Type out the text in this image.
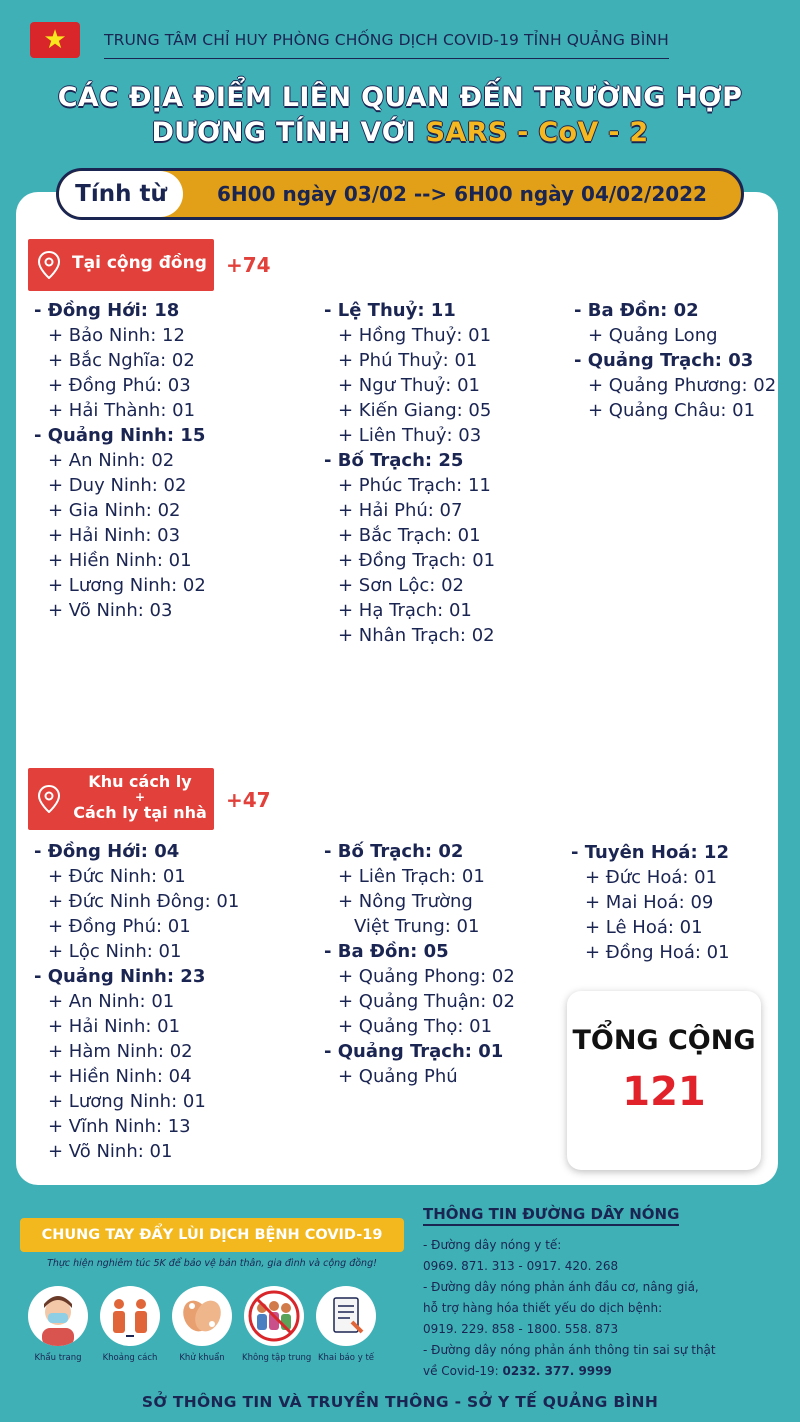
★ TRUNG TÂM CHỈ HUY PHÒNG CHỐNG DỊCH COVID-19 TỈNH QUẢNG BÌNH
CÁC ĐỊA ĐIỂM LIÊN QUAN ĐẾN TRƯỜNG HỢP
DƯƠNG TÍNH VỚI SARS - CoV - 2
Tính từ	6H00 ngày 03/02 --> 6H00 ngày 04/02/2022
Tại cộng đồng +74
- Đồng Hới: 18
+ Bảo Ninh: 12
+ Bắc Nghĩa: 02
+ Đồng Phú: 03
+ Hải Thành: 01
- Quảng Ninh: 15
+ An Ninh: 02
+ Duy Ninh: 02
+ Gia Ninh: 02
+ Hải Ninh: 03
+ Hiền Ninh: 01
+ Lương Ninh: 02
+ Võ Ninh: 03
- Lệ Thuỷ: 11
+ Hồng Thuỷ: 01
+ Phú Thuỷ: 01
+ Ngư Thuỷ: 01
+ Kiến Giang: 05
+ Liên Thuỷ: 03
- Bố Trạch: 25
+ Phúc Trạch: 11
+ Hải Phú: 07
+ Bắc Trạch: 01
+ Đồng Trạch: 01
+ Sơn Lộc: 02
+ Hạ Trạch: 01
+ Nhân Trạch: 02
- Ba Đồn: 02
+ Quảng Long
- Quảng Trạch: 03
+ Quảng Phương: 02
+ Quảng Châu: 01
Khu cách ly
+
Cách ly tại nhà
+47
- Đồng Hới: 04
+ Đức Ninh: 01
+ Đức Ninh Đông: 01
+ Đồng Phú: 01
+ Lộc Ninh: 01
- Quảng Ninh: 23
+ An Ninh: 01
+ Hải Ninh: 01
+ Hàm Ninh: 02
+ Hiền Ninh: 04
+ Lương Ninh: 01
+ Vĩnh Ninh: 13
+ Võ Ninh: 01
- Bố Trạch: 02
+ Liên Trạch: 01
+ Nông Trường
Việt Trung: 01
- Ba Đồn: 05
+ Quảng Phong: 02
+ Quảng Thuận: 02
+ Quảng Thọ: 01
- Quảng Trạch: 01
+ Quảng Phú
- Tuyên Hoá: 12
+ Đức Hoá: 01
+ Mai Hoá: 09
+ Lê Hoá: 01
+ Đồng Hoá: 01
TỔNG CỘNG
121
CHUNG TAY ĐẨY LÙI DỊCH BỆNH COVID-19
Thực hiện nghiêm túc 5K để bảo vệ bản thân, gia đình và cộng đồng!
Khẩu trang	Khoảng cách	Khử khuẩn	Không tập trung Khai báo y tế
THÔNG TIN ĐƯỜNG DÂY NÓNG
- Đường dây nóng y tế:
0969. 871. 313 - 0917. 420. 268
- Đường dây nóng phản ánh đầu cơ, nâng giá,
hỗ trợ hàng hóa thiết yếu do dịch bệnh:
0919. 229. 858 - 1800. 558. 873
- Đường dây nóng phản ánh thông tin sai sự thật
về Covid-19: 0232. 377. 9999
SỞ THÔNG TIN VÀ TRUYỀN THÔNG - SỞ Y TẾ QUẢNG BÌNH
